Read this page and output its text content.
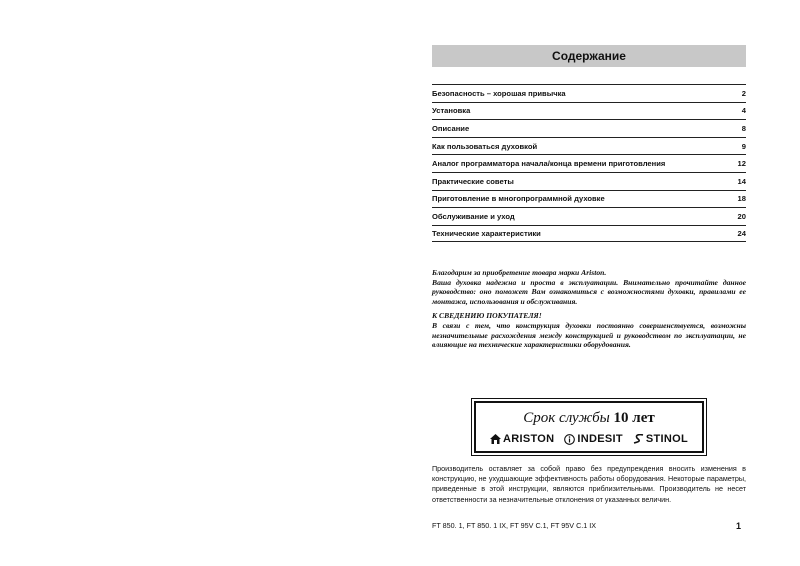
Содержание
Безопасность – хорошая привычка	2
Установка	4
Описание	8
Как пользоваться духовкой	9
Аналог программатора начала/конца времени приготовления	12
Практические советы	14
Приготовление в многопрограммной духовке	18
Обслуживание и уход	20
Технические характеристики	24

Благодарим за приобретение товара марки Ariston.

Ваша духовка надежна и проста в эксплуатации. Внимательно прочитайте данное руководство: оно поможет Вам ознакомиться с возможностями духовки, правилами ее монтажа, использования и обслуживания.

К СВЕДЕНИЮ ПОКУПАТЕЛЯ!

В связи с тем, что конструкция духовки постоянно совершенствуется, возможны незначительные расхождения между конструкцией и руководством по эксплуатации, не влияющие на технические характеристики оборудования.

Срок службы 10 лет
ARISTON INDESIT STINOL
Производитель оставляет за собой право без предупреждения вносить изменения в конструкцию, не ухудшающие эффективность работы оборудования. Некоторые параметры, приведенные в этой инструкции, являются приблизительными. Производитель не несет ответственности за незначительные отклонения от указанных величин.
FT 850. 1, FT 850. 1 IX, FT 95V C.1, FT 95V C.1 IX	1
